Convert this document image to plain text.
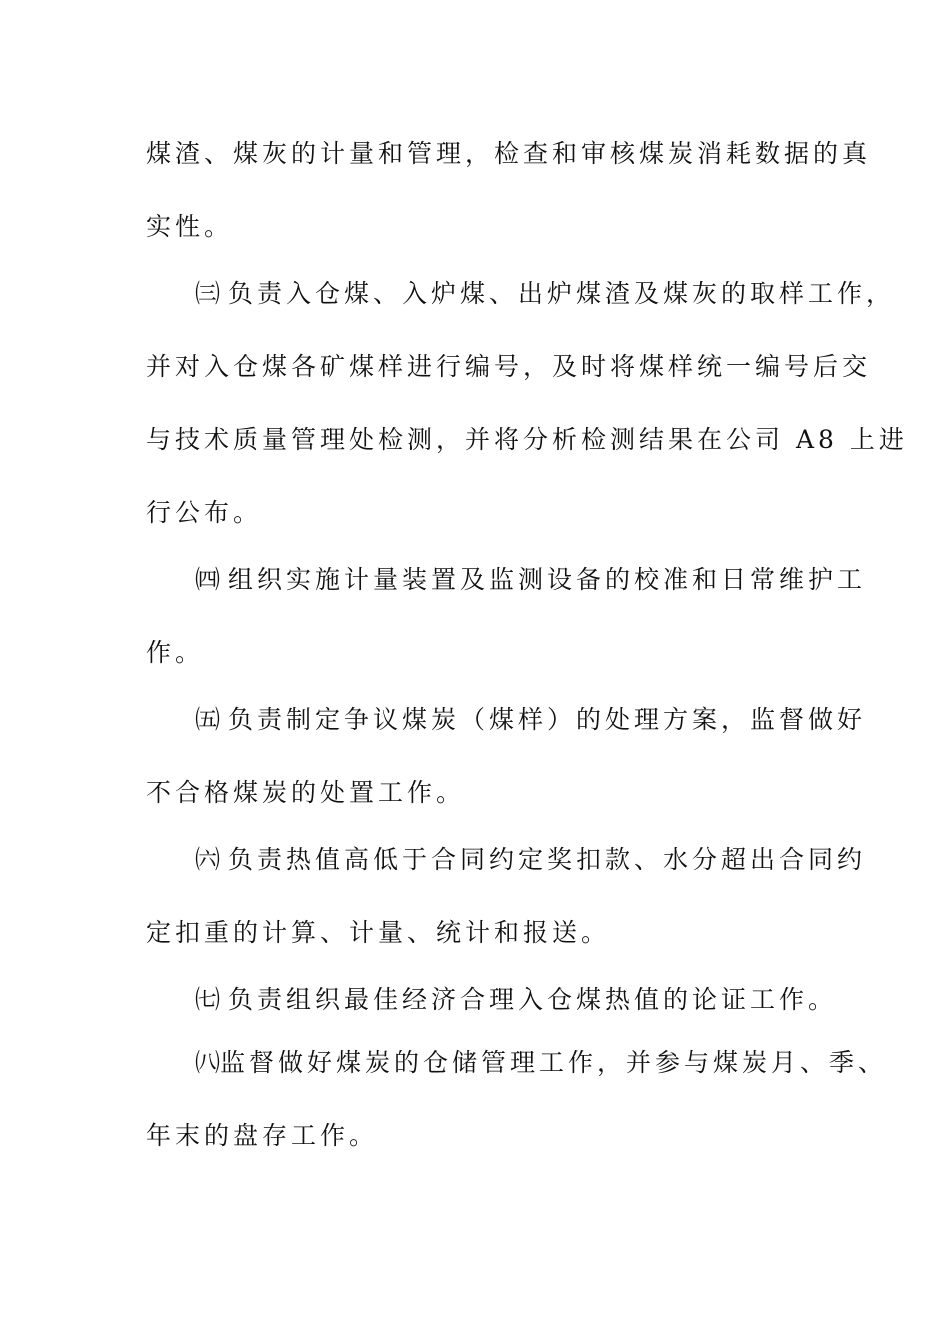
煤渣、煤灰的计量和管理，检查和审核煤炭消耗数据的真
实性。
㈢ 负责入仓煤、入炉煤、出炉煤渣及煤灰的取样工作，
并对入仓煤各矿煤样进行编号，及时将煤样统一编号后交
与技术质量管理处检测，并将分析检测结果在公司 A8 上进
行公布。
㈣ 组织实施计量装置及监测设备的校准和日常维护工
作。
㈤ 负责制定争议煤炭（煤样）的处理方案，监督做好
不合格煤炭的处置工作。
㈥ 负责热值高低于合同约定奖扣款、水分超出合同约
定扣重的计算、计量、统计和报送。
㈦ 负责组织最佳经济合理入仓煤热值的论证工作。
㈧监督做好煤炭的仓储管理工作，并参与煤炭月、季、
年末的盘存工作。
